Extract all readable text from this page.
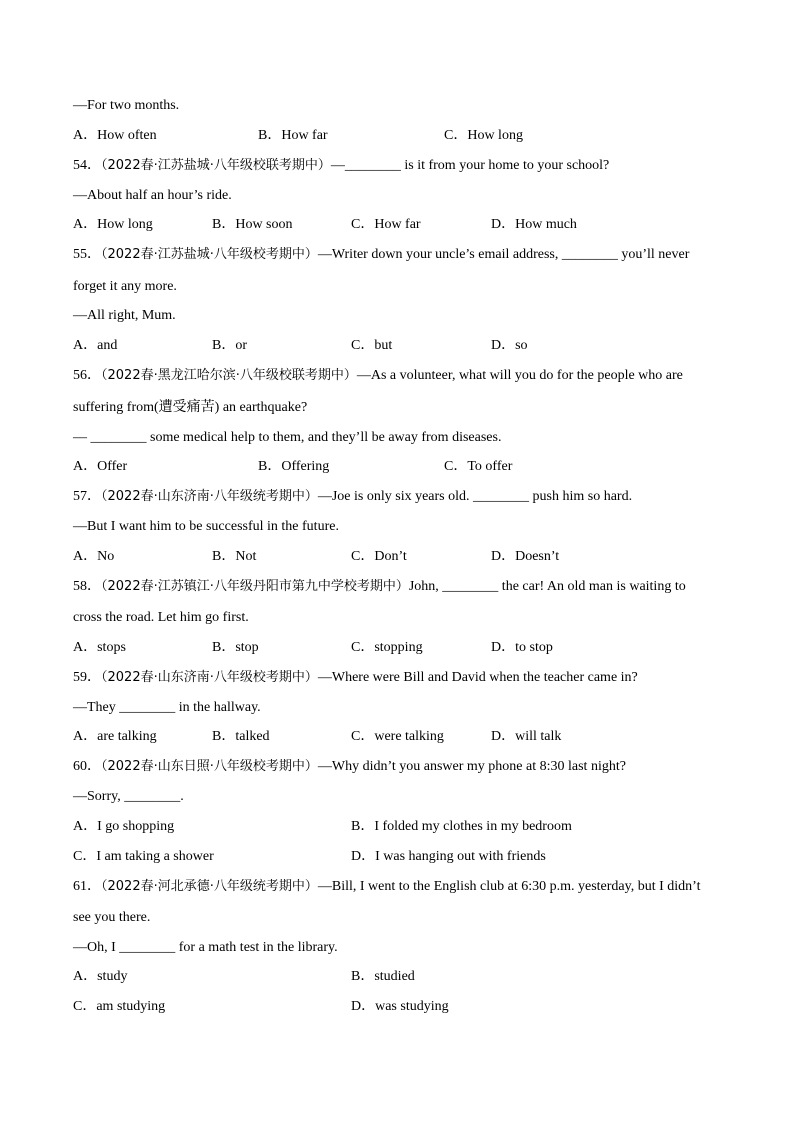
—For two months.
A．How often	B．How far	C．How long
54．（2022春·江苏盐城·八年级校联考期中）—________ is it from your home to your school?
—About half an hour’s ride.
A．How long	B．How soon	C．How far	D．How much
55．（2022春·江苏盐城·八年级校考期中）—Writer down your uncle’s email address, ________ you’ll never
forget it any more.
—All right, Mum.
A．and	B．or	C．but	D．so
56．（2022春·黑龙江哈尔滨·八年级校联考期中）—As a volunteer, what will you do for the people who are
suffering from(遭受痛苦) an earthquake?
— ________ some medical help to them, and they’ll be away from diseases.
A．Offer	B．Offering	C．To offer
57．（2022春·山东济南·八年级统考期中）—Joe is only six years old. ________ push him so hard.
—But I want him to be successful in the future.
A．No	B．Not	C．Don’t	D．Doesn’t
58．（2022春·江苏镇江·八年级丹阳市第九中学校考期中）John, ________ the car! An old man is waiting to
cross the road. Let him go first.
A．stops	B．stop	C．stopping	D．to stop
59．（2022春·山东济南·八年级校考期中）—Where were Bill and David when the teacher came in?
—They ________ in the hallway.
A．are talking	B．talked	C．were talking	D．will talk
60．（2022春·山东日照·八年级校考期中）—Why didn’t you answer my phone at 8:30 last night?
—Sorry, ________.
A．I go shopping	B．I folded my clothes in my bedroom
C．I am taking a shower	D．I was hanging out with friends
61．（2022春·河北承德·八年级统考期中）—Bill, I went to the English club at 6:30 p.m. yesterday, but I didn’t
see you there.
—Oh, I ________ for a math test in the library.
A．study	B．studied
C．am studying	D．was studying
